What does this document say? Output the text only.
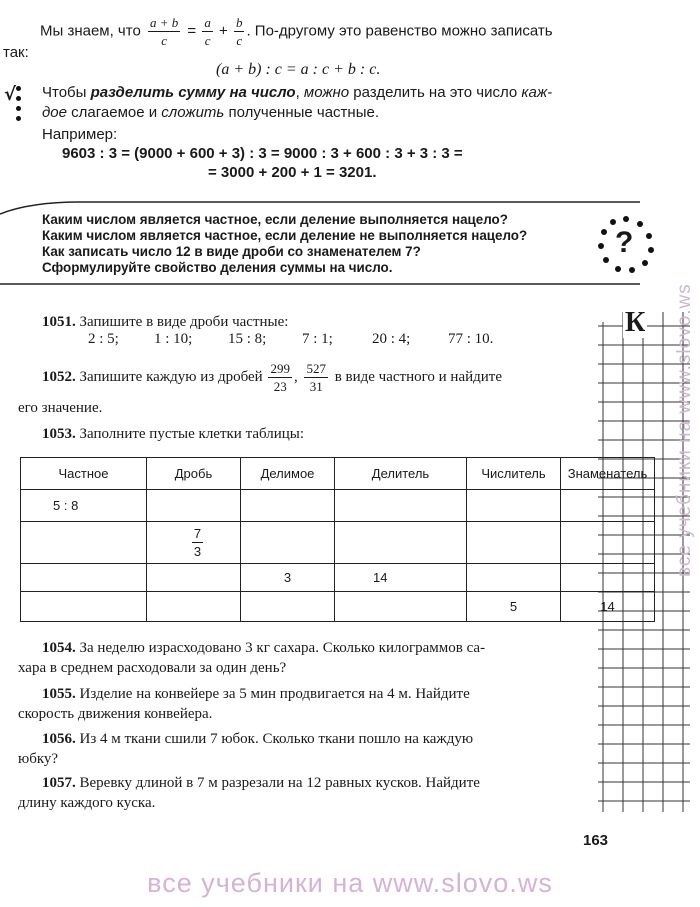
Мы знаем, что $\frac{a + b}{c} = \frac{a}{c} + \frac{b}{c}$ . По-другому это равенство можно записать
так:
(a + b) : c = a : c + b : c.
√	Чтобы разделить сумму на число, можно разделить на это число каж-
дое слагаемое и сложить полученные частные.
Например:
9603 : 3 = (9000 + 600 + 3) : 3 = 9000 : 3 + 600 : 3 + 3 : 3 =
= 3000 + 200 + 1 = 3201.
Каким числом является частное, если деление выполняется нацело?
Каким числом является частное, если деление не выполняется нацело?
Как записать число 12 в виде дроби со знаменателем 7?
Сформулируйте свойство деления суммы на число.
?
К
1051. Запишите в виде дроби частные:
2 : 5;	1 : 10;	15 : 8;	7 : 1;	20 : 4;	77 : 10.
1052. Запишите каждую из дробей $\frac{299}{23}$ , $\frac{527}{31}$ в виде частного и найдите
его значение.
1053. Заполните пустые клетки таблицы:
Частное	Дробь	Делимое	Делитель	Числитель	Знаменатель
5 : 8					

	$\frac{7}{3}$

		3	14		
				5	14
1054. За неделю израсходовано 3 кг сахара. Сколько килограммов са-
хара в среднем расходовали за один день?
1055. Изделие на конвейере за 5 мин продвигается на 4 м. Найдите
скорость движения конвейера.
1056. Из 4 м ткани сшили 7 юбок. Сколько ткани пошло на каждую
юбку?
1057. Веревку длиной в 7 м разрезали на 12 равных кусков. Найдите
длину каждого куска.
163
все учебники на www.slovo.ws
все учебники на www.slovo.ws
